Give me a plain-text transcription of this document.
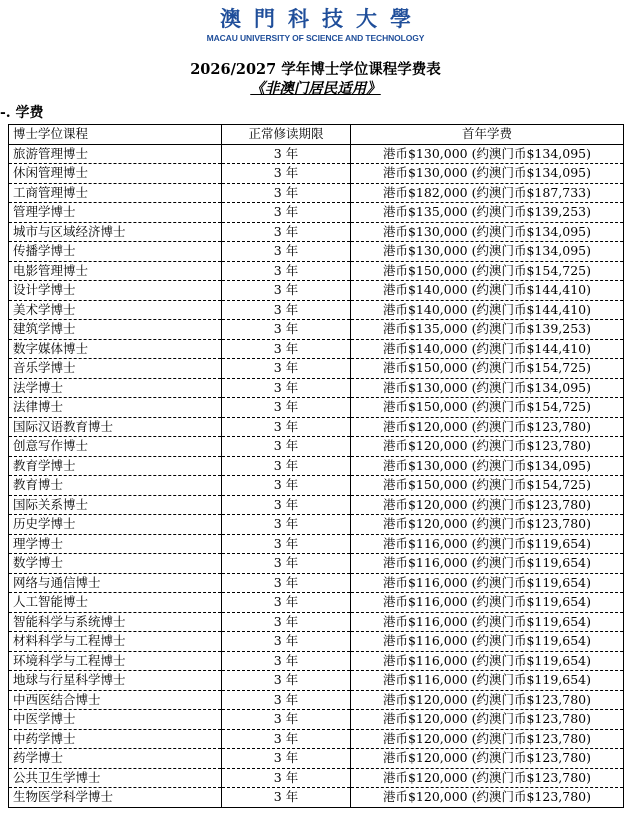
澳門科技大學
MACAU UNIVERSITY OF SCIENCE AND TECHNOLOGY
2026/2027 学年博士学位课程学费表
《非澳门居民适用》
-. 学费
博士学位课程	正常修读期限	首年学费
旅游管理博士	3 年	港币$130,000 (约澳门币$134,095)
休闲管理博士	3 年	港币$130,000 (约澳门币$134,095)
工商管理博士	3 年	港币$182,000 (约澳门币$187,733)
管理学博士	3 年	港币$135,000 (约澳门币$139,253)
城市与区域经济博士	3 年	港币$130,000 (约澳门币$134,095)
传播学博士	3 年	港币$130,000 (约澳门币$134,095)
电影管理博士	3 年	港币$150,000 (约澳门币$154,725)
设计学博士	3 年	港币$140,000 (约澳门币$144,410)
美术学博士	3 年	港币$140,000 (约澳门币$144,410)
建筑学博士	3 年	港币$135,000 (约澳门币$139,253)
数字媒体博士	3 年	港币$140,000 (约澳门币$144,410)
音乐学博士	3 年	港币$150,000 (约澳门币$154,725)
法学博士	3 年	港币$130,000 (约澳门币$134,095)
法律博士	3 年	港币$150,000 (约澳门币$154,725)
国际汉语教育博士	3 年	港币$120,000 (约澳门币$123,780)
创意写作博士	3 年	港币$120,000 (约澳门币$123,780)
教育学博士	3 年	港币$130,000 (约澳门币$134,095)
教育博士	3 年	港币$150,000 (约澳门币$154,725)
国际关系博士	3 年	港币$120,000 (约澳门币$123,780)
历史学博士	3 年	港币$120,000 (约澳门币$123,780)
理学博士	3 年	港币$116,000 (约澳门币$119,654)
数学博士	3 年	港币$116,000 (约澳门币$119,654)
网络与通信博士	3 年	港币$116,000 (约澳门币$119,654)
人工智能博士	3 年	港币$116,000 (约澳门币$119,654)
智能科学与系统博士	3 年	港币$116,000 (约澳门币$119,654)
材料科学与工程博士	3 年	港币$116,000 (约澳门币$119,654)
环境科学与工程博士	3 年	港币$116,000 (约澳门币$119,654)
地球与行星科学博士	3 年	港币$116,000 (约澳门币$119,654)
中西医结合博士	3 年	港币$120,000 (约澳门币$123,780)
中医学博士	3 年	港币$120,000 (约澳门币$123,780)
中药学博士	3 年	港币$120,000 (约澳门币$123,780)
药学博士	3 年	港币$120,000 (约澳门币$123,780)
公共卫生学博士	3 年	港币$120,000 (约澳门币$123,780)
生物医学科学博士	3 年	港币$120,000 (约澳门币$123,780)
